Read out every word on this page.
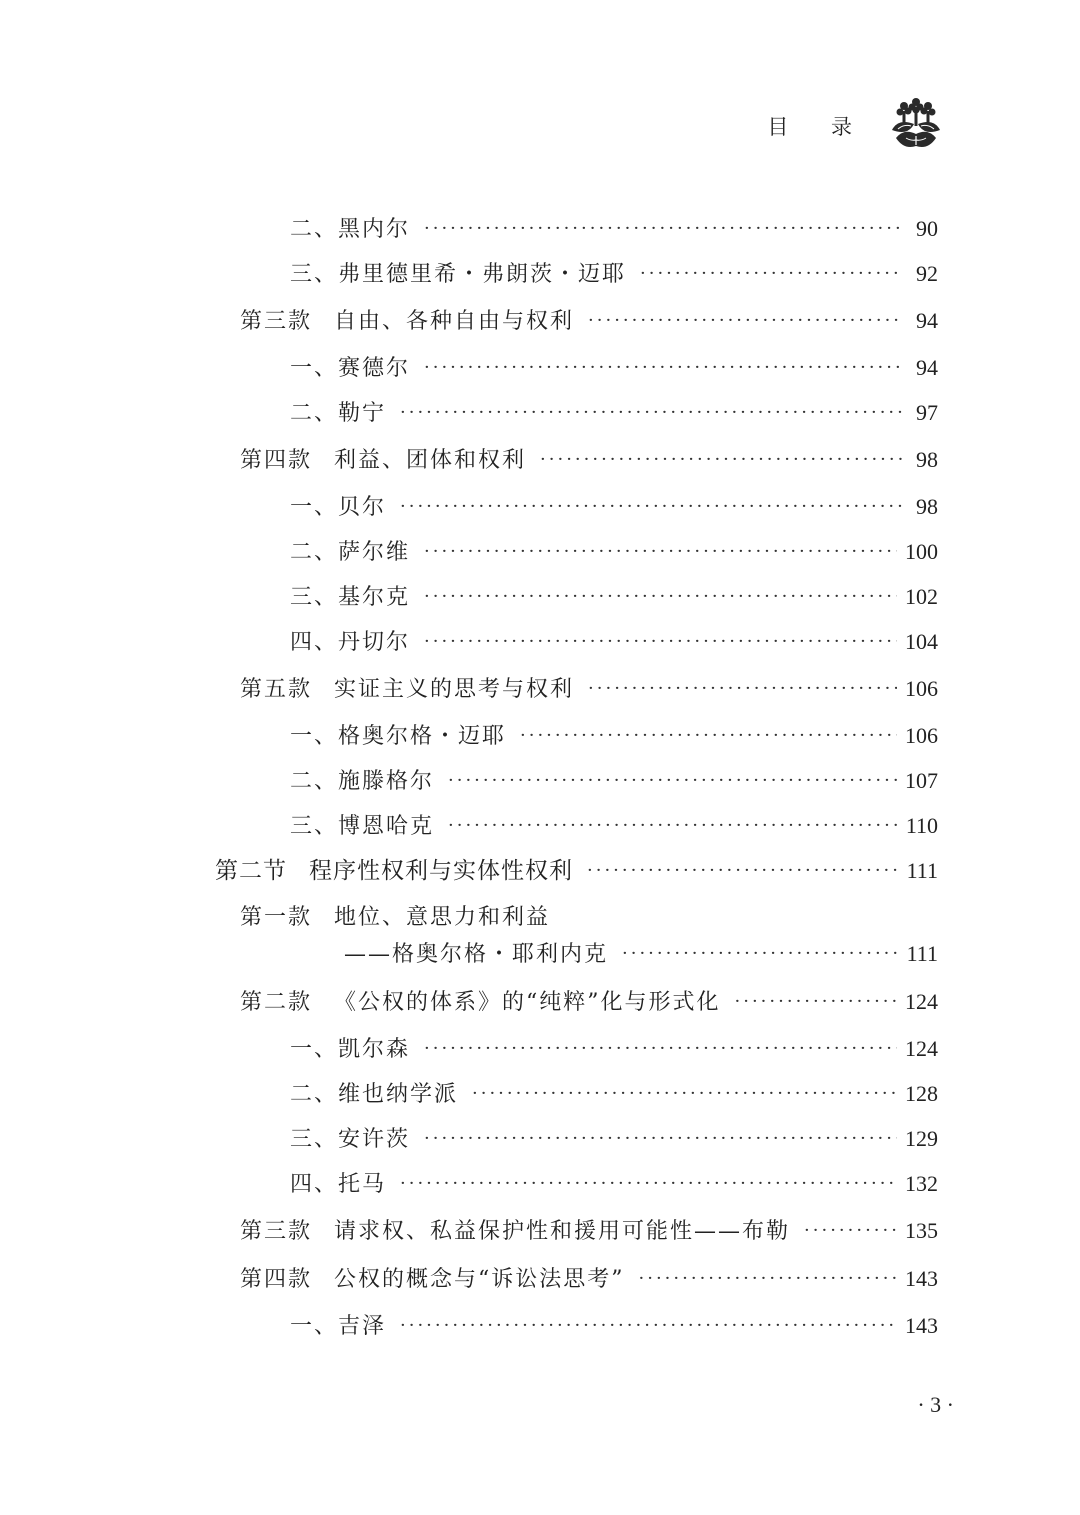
目 录
二、黑内尔 ·····	90
三、弗里德里希・弗朗茨・迈耶 ·····	92
第三款 自由、各种自由与权利 ·····	94
一、赛德尔 ·····	94
二、勒宁 ·····	97
第四款 利益、团体和权利 ·····	98
一、贝尔 ·····	98
二、萨尔维 ·····	100
三、基尔克 ·····	102
四、丹切尔 ·····	104
第五款 实证主义的思考与权利 ·····	106
一、格奥尔格・迈耶 ·····	106
二、施滕格尔 ·····	107
三、博恩哈克 ·····	110
第二节 程序性权利与实体性权利 ·····	111
第一款 地位、意思力和利益
——格奥尔格・耶利内克 ·····	111
第二款 《公权的体系》的“纯粹”化与形式化 ·····	124
一、凯尔森 ·····	124
二、维也纳学派 ·····	128
三、安许茨 ·····	129
四、托马 ·····	132
第三款 请求权、私益保护性和援用可能性——布勒 ·····	135
第四款 公权的概念与“诉讼法思考” ·····	143
一、吉泽 ·····	143
· 3 ·
